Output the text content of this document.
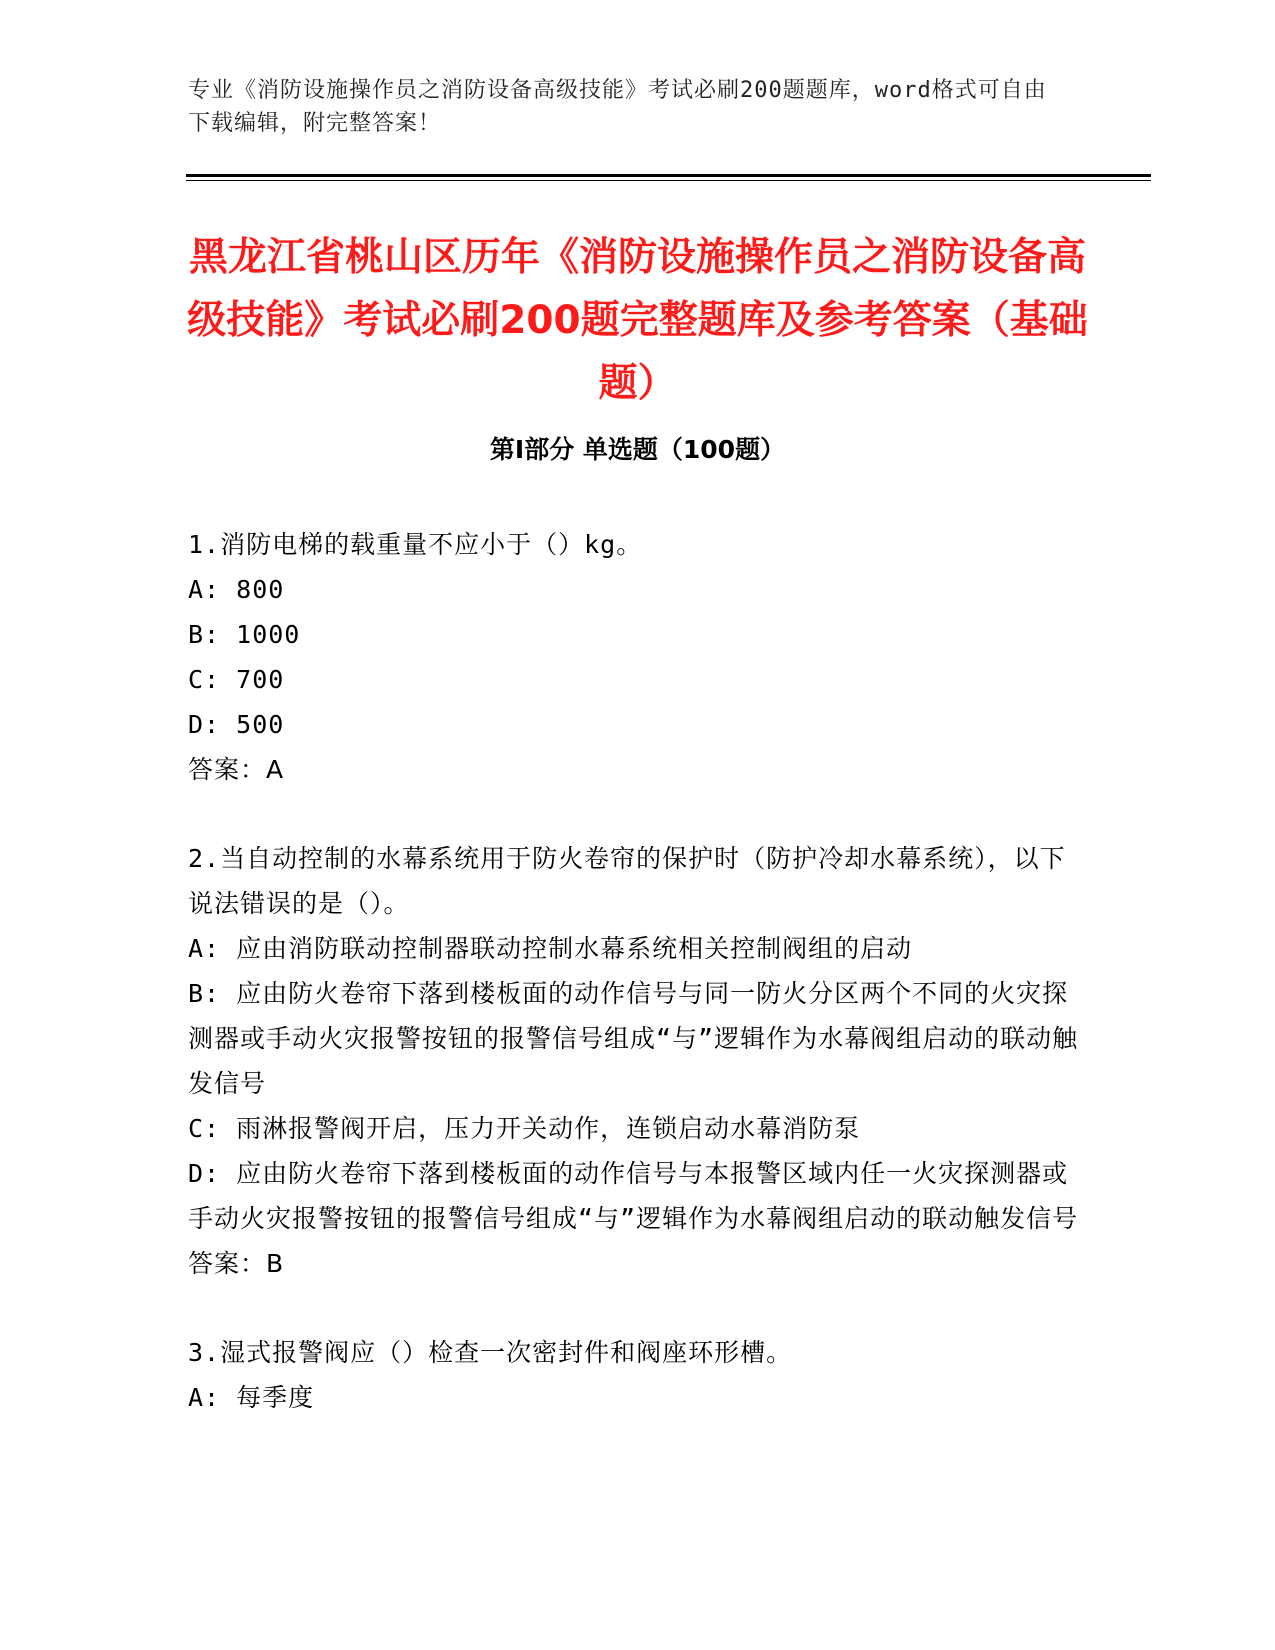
专业《消防设施操作员之消防设备高级技能》考试必刷200题题库，word格式可自由下载编辑，附完整答案！
黑龙江省桃山区历年《消防设施操作员之消防设备高级技能》考试必刷200题完整题库及参考答案（基础题）
第I部分 单选题（100题）

1.消防电梯的载重量不应小于（）kg。

A: 800

B: 1000

C: 700

D: 500

答案：A

2.当自动控制的水幕系统用于防火卷帘的保护时（防护冷却水幕系统），以下说法错误的是（）。

A: 应由消防联动控制器联动控制水幕系统相关控制阀组的启动

B: 应由防火卷帘下落到楼板面的动作信号与同一防火分区两个不同的火灾探测器或手动火灾报警按钮的报警信号组成“与”逻辑作为水幕阀组启动的联动触发信号

C: 雨淋报警阀开启，压力开关动作，连锁启动水幕消防泵

D: 应由防火卷帘下落到楼板面的动作信号与本报警区域内任一火灾探测器或手动火灾报警按钮的报警信号组成“与”逻辑作为水幕阀组启动的联动触发信号

答案：B

3.湿式报警阀应（）检查一次密封件和阀座环形槽。

A: 每季度
